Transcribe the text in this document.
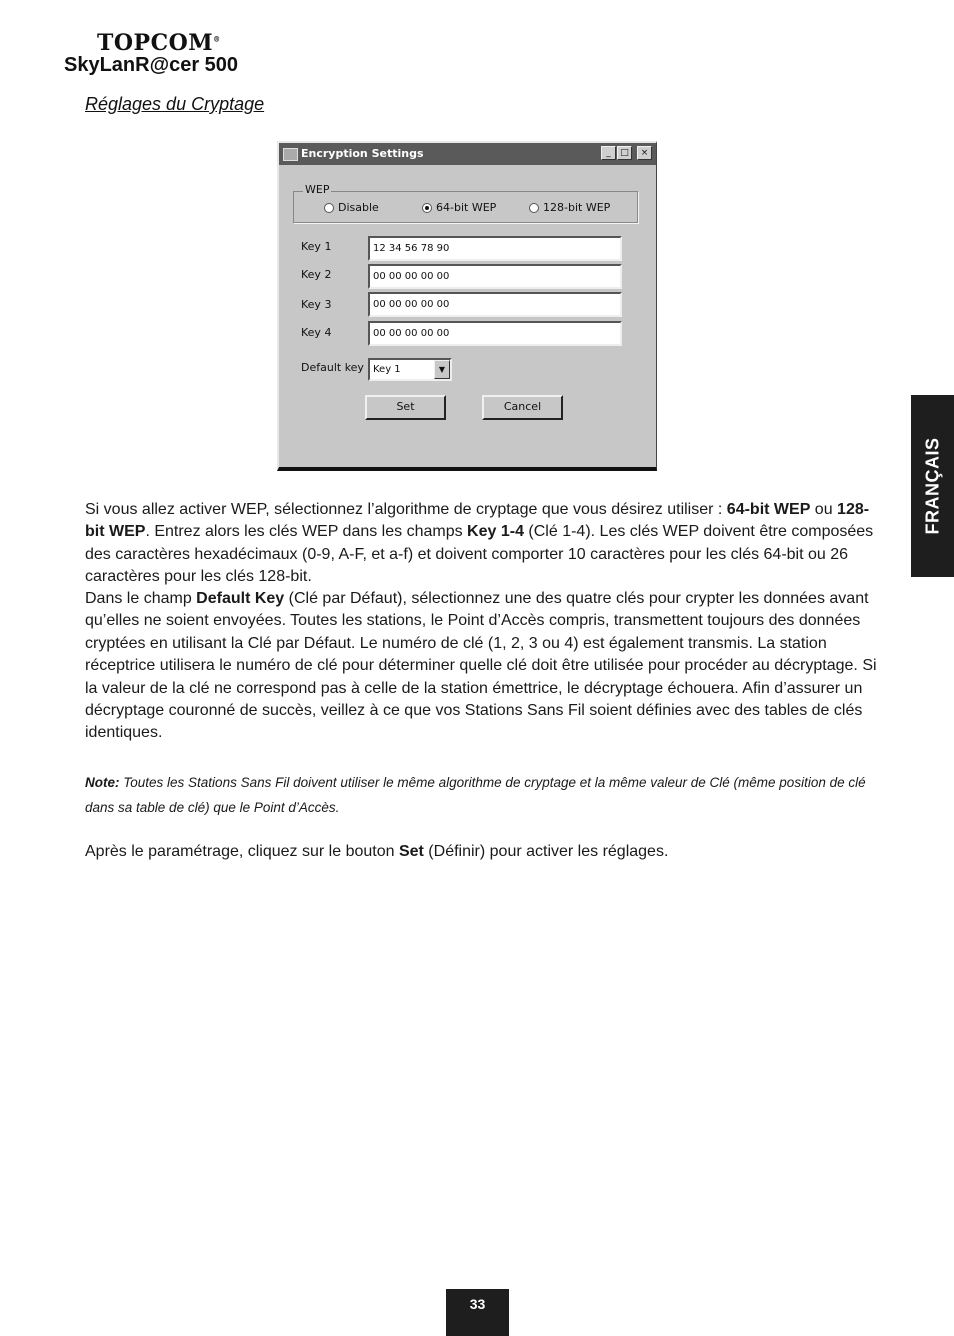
TOPCOM®
SkyLanR@cer 500
Réglages du Cryptage
FRANÇAIS
Encryption Settings	_	□	×
WEP
Disable	64-bit WEP	128-bit WEP
Key 1	12 34 56 78 90
Key 2	00 00 00 00 00
Key 3	00 00 00 00 00
Key 4	00 00 00 00 00
Default key Key 1	▼
Set	Cancel

Si vous allez activer WEP, sélectionnez l’algorithme de cryptage que vous désirez utiliser : 64-bit WEP ou 128-bit WEP. Entrez alors les clés WEP dans les champs Key 1-4 (Clé 1-4). Les clés WEP doivent être composées des caractères hexadécimaux (0-9, A-F, et a-f) et doivent comporter 10 caractères pour les clés 64-bit ou 26 caractères pour les clés 128-bit.

Dans le champ Default Key (Clé par Défaut), sélectionnez une des quatre clés pour crypter les données avant qu’elles ne soient envoyées. Toutes les stations, le Point d’Accès compris, transmettent toujours des données cryptées en utilisant la Clé par Défaut. Le numéro de clé (1, 2, 3 ou 4) est également transmis. La station réceptrice utilisera le numéro de clé pour déterminer quelle clé doit être utilisée pour procéder au décryptage. Si la valeur de la clé ne correspond pas à celle de la station émettrice, le décryptage échouera. Afin d’assurer un décryptage couronné de succès, veillez à ce que vos Stations Sans Fil soient définies avec des tables de clés identiques.

Note: Toutes les Stations Sans Fil doivent utiliser le même algorithme de cryptage et la même valeur de Clé (même position de clé dans sa table de clé) que le Point d’Accès.

Après le paramétrage, cliquez sur le bouton Set (Définir) pour activer les réglages.

33
